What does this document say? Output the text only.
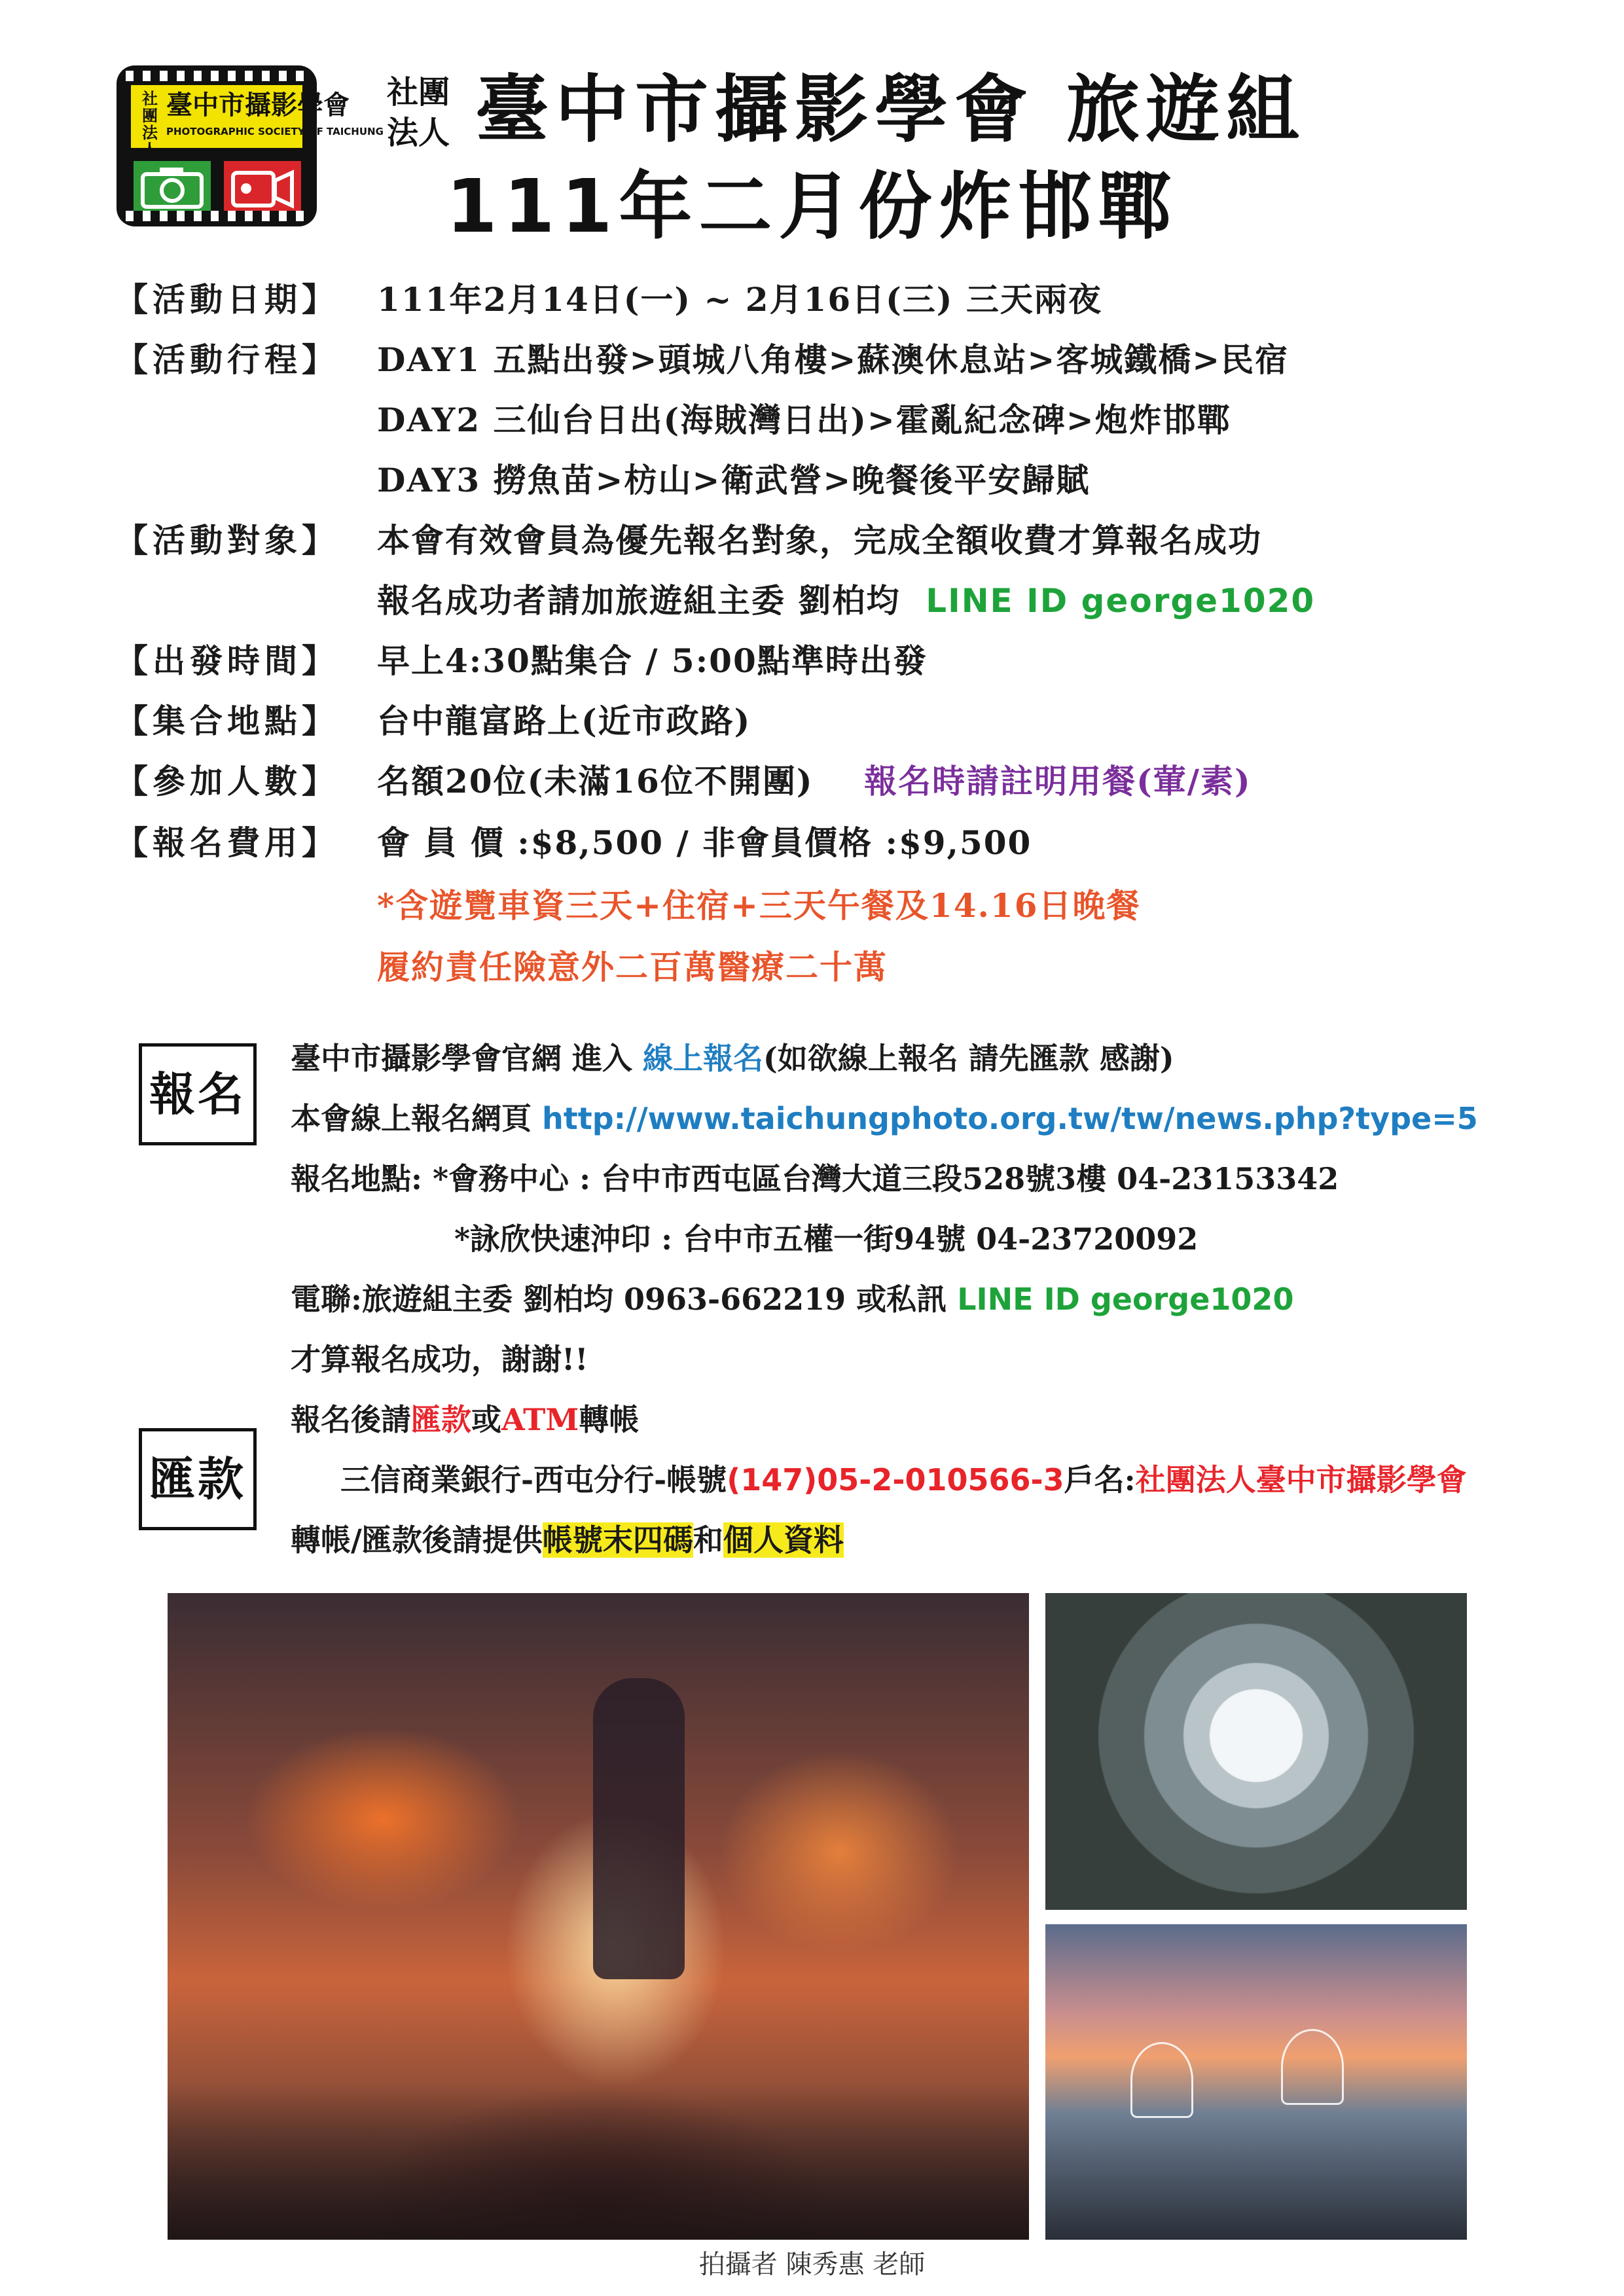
社團法人
臺中市攝影學會
PHOTOGRAPHIC SOCIETY OF TAICHUNG
社團法人 臺中市攝影學會 旅遊組
111年二月份炸邯鄲
【活動日期】	111年2月14日(一) ~ 2月16日(三) 三天兩夜
【活動行程】	DAY1 五點出發>頭城八角樓>蘇澳休息站>客城鐵橋>民宿
DAY2 三仙台日出(海賊灣日出)>霍亂紀念碑>炮炸邯鄲
DAY3 撈魚苗>枋山>衛武營>晚餐後平安歸賦
【活動對象】	本會有效會員為優先報名對象，完成全額收費才算報名成功
報名成功者請加旅遊組主委 劉柏均 LINE ID george1020
【出發時間】	早上4:30點集合 / 5:00點準時出發
【集合地點】	台中龍富路上(近市政路)
【參加人數】	名額20位(未滿16位不開團) 報名時請註明用餐(葷/素)
【報名費用】	會 員 價 :$8,500 / 非會員價格 :$9,500
*含遊覽車資三天+住宿+三天午餐及14.16日晚餐
履約責任險意外二百萬醫療二十萬
報名
臺中市攝影學會官網 進入 線上報名(如欲線上報名 請先匯款 感謝)
本會線上報名網頁 http://www.taichungphoto.org.tw/tw/news.php?type=5
報名地點: *會務中心 : 台中市西屯區台灣大道三段528號3樓 04-23153342
*詠欣快速沖印 : 台中市五權一街94號 04-23720092
電聯:旅遊組主委 劉柏均 0963-662219 或私訊 LINE ID george1020
才算報名成功，謝謝!!
匯款
報名後請匯款或ATM轉帳
三信商業銀行-西屯分行-帳號(147)05-2-010566-3戶名:社團法人臺中市攝影學會
轉帳/匯款後請提供帳號末四碼和個人資料
拍攝者 陳秀惠 老師
